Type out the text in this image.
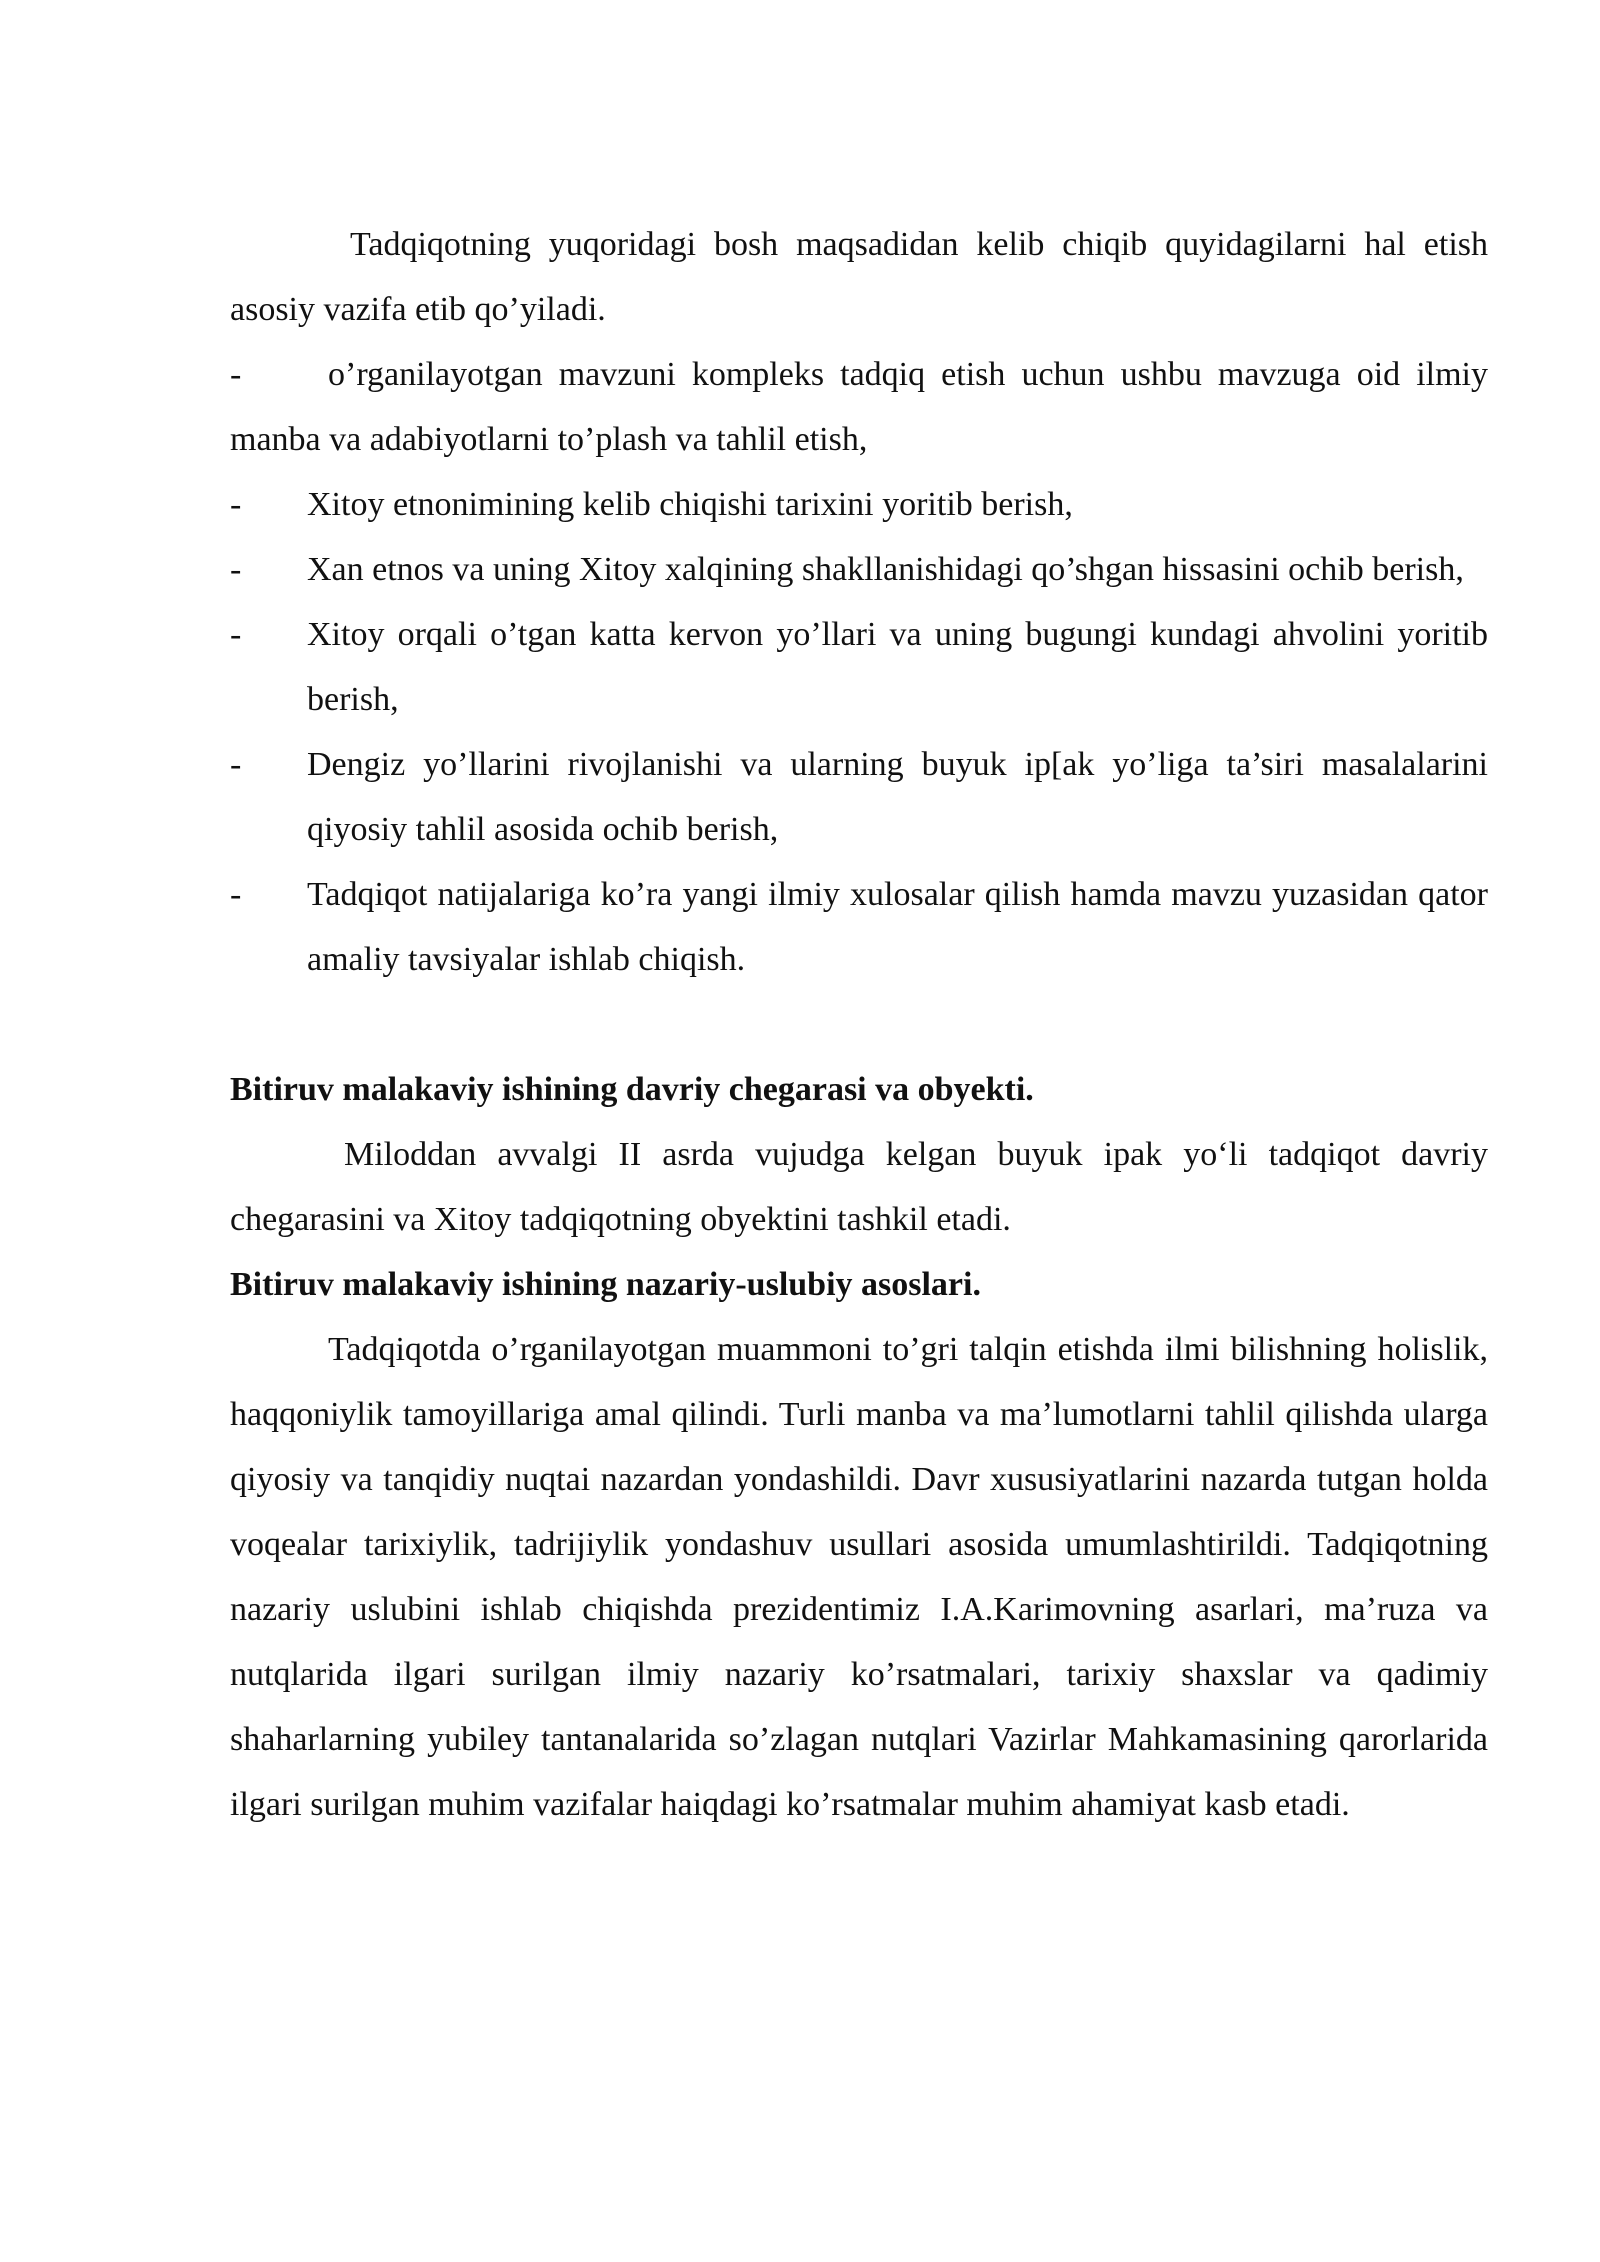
Tadqiqotning yuqoridagi bosh maqsadidan kelib chiqib quyidagilarni hal etish asosiy vazifa etib qo’yiladi.

-	o’rganilayotgan mavzuni kompleks tadqiq etish uchun ushbu mavzuga oid ilmiy manba va adabiyotlarni to’plash va tahlil etish,

-	Xitoy etnonimining kelib chiqishi tarixini yoritib berish,
-	Xan etnos va uning Xitoy xalqining shakllanishidagi qo’shgan hissasini ochib berish,
-	Xitoy orqali o’tgan katta kervon yo’llari va uning bugungi kundagi ahvolini yoritib berish,
-	Dengiz yo’llarini rivojlanishi va ularning buyuk ip[ak yo’liga ta’siri masalalarini qiyosiy tahlil asosida ochib berish,
-	Tadqiqot natijalariga ko’ra yangi ilmiy xulosalar qilish hamda mavzu yuzasidan qator amaliy tavsiyalar ishlab chiqish.

Bitiruv malakaviy ishining davriy chegarasi va obyekti.

Miloddan avvalgi II asrda vujudga kelgan buyuk ipak yo‘li tadqiqot davriy chegarasini va Xitoy tadqiqotning obyektini tashkil etadi.

Bitiruv malakaviy ishining nazariy-uslubiy asoslari.

Tadqiqotda o’rganilayotgan muammoni to’gri talqin etishda ilmi bilishning holislik, haqqoniylik tamoyillariga amal qilindi. Turli manba va ma’lumotlarni tahlil qilishda ularga qiyosiy va tanqidiy nuqtai nazardan yondashildi. Davr xususiyatlarini nazarda tutgan holda voqealar tarixiylik, tadrijiylik yondashuv usullari asosida umumlashtirildi. Tadqiqotning nazariy uslubini ishlab chiqishda prezidentimiz I.A.Karimovning asarlari, ma’ruza va nutqlarida ilgari surilgan ilmiy nazariy ko’rsatmalari, tarixiy shaxslar va qadimiy shaharlarning yubiley tantanalarida so’zlagan nutqlari Vazirlar Mahkamasining qarorlarida ilgari surilgan muhim vazifalar haiqdagi ko’rsatmalar muhim ahamiyat kasb etadi.
